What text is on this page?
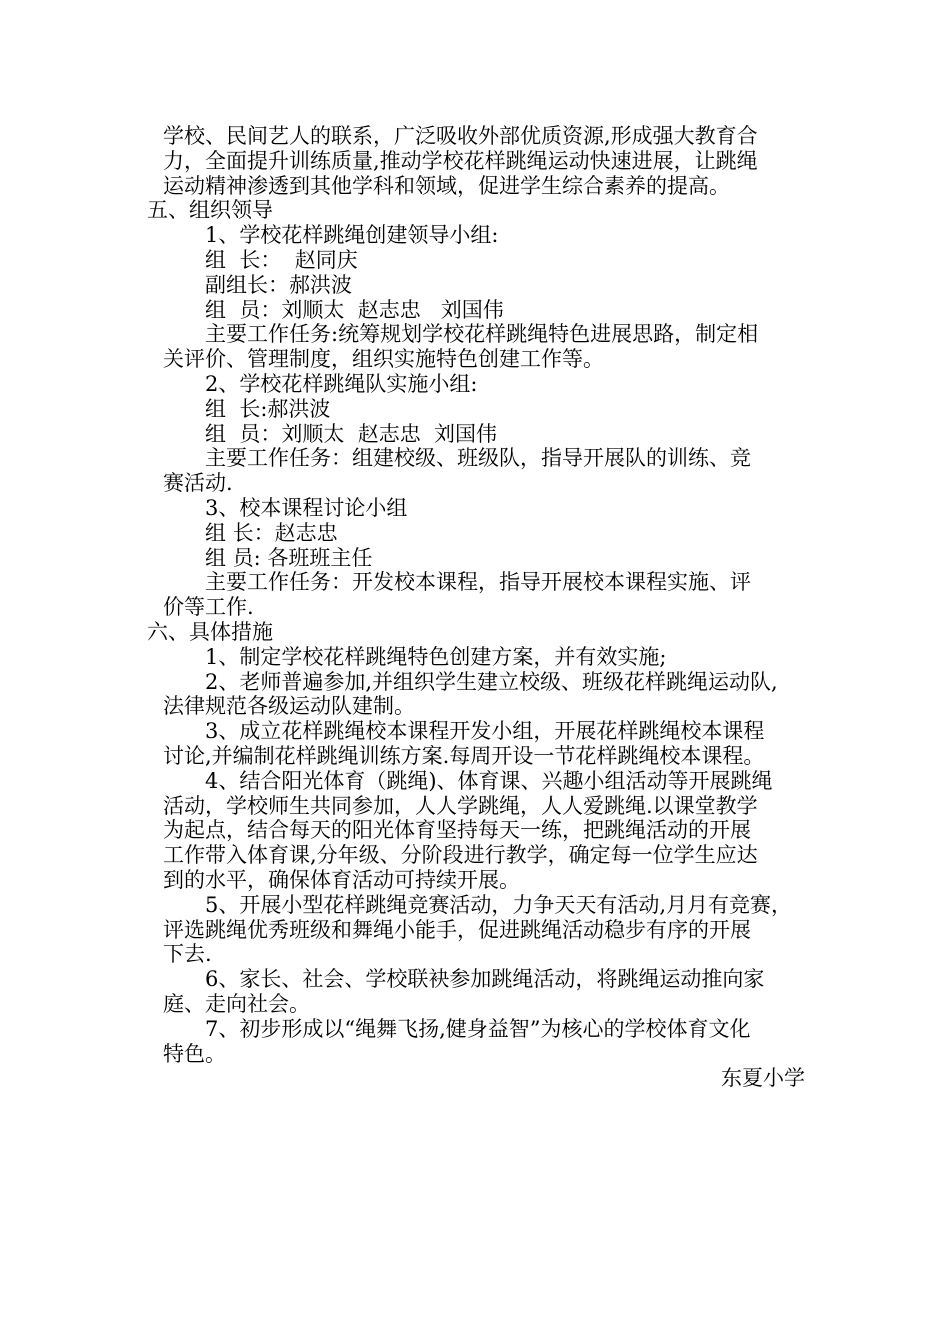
学校、民间艺人的联系，广泛吸收外部优质资源,形成强大教育合
力，全面提升训练质量,推动学校花样跳绳运动快速进展，让跳绳
运动精神渗透到其他学科和领域，促进学生综合素养的提高。
五、组织领导
1、学校花样跳绳创建领导小组:
组  长：  赵同庆
副组长：郝洪波
组  员：刘顺太  赵志忠   刘国伟
主要工作任务:统筹规划学校花样跳绳特色进展思路，制定相
关评价、管理制度，组织实施特色创建工作等。
2、学校花样跳绳队实施小组:
组  长:郝洪波
组  员：刘顺太  赵志忠  刘国伟
主要工作任务：组建校级、班级队，指导开展队的训练、竞
赛活动.
3、校本课程讨论小组
组 长：赵志忠
组 员: 各班班主任
主要工作任务：开发校本课程，指导开展校本课程实施、评
价等工作.
六、具体措施
1、制定学校花样跳绳特色创建方案，并有效实施;
2、老师普遍参加,并组织学生建立校级、班级花样跳绳运动队,
法律规范各级运动队建制。
3、成立花样跳绳校本课程开发小组，开展花样跳绳校本课程
讨论,并编制花样跳绳训练方案.每周开设一节花样跳绳校本课程。
4、结合阳光体育（跳绳)、体育课、兴趣小组活动等开展跳绳
活动，学校师生共同参加，人人学跳绳，人人爱跳绳.以课堂教学
为起点，结合每天的阳光体育坚持每天一练，把跳绳活动的开展
工作带入体育课,分年级、分阶段进行教学，确定每一位学生应达
到的水平，确保体育活动可持续开展。
5、开展小型花样跳绳竞赛活动，力争天天有活动,月月有竞赛，
评选跳绳优秀班级和舞绳小能手，促进跳绳活动稳步有序的开展
下去.
6、家长、社会、学校联袂参加跳绳活动，将跳绳运动推向家
庭、走向社会。
7、初步形成以“绳舞飞扬,健身益智”为核心的学校体育文化
特色。
东夏小学
